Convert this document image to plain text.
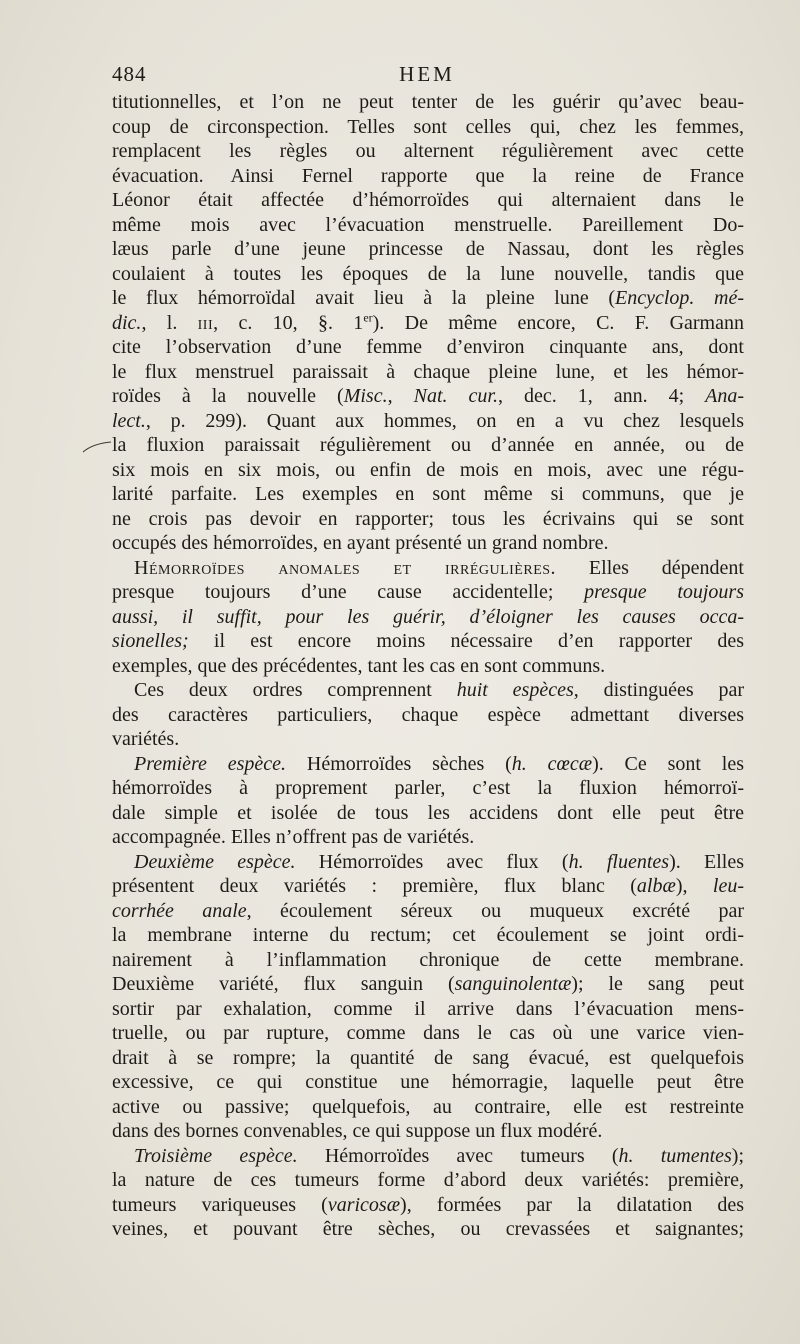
484	HEM
titutionnelles, et l’on ne peut tenter de les guérir qu’avec beau-
coup de circonspection. Telles sont celles qui, chez les femmes,
remplacent les règles ou alternent régulièrement avec cette
évacuation. Ainsi Fernel rapporte que la reine de France
Léonor était affectée d’hémorroïdes qui alternaient dans le
même mois avec l’évacuation menstruelle. Pareillement Do-
læus parle d’une jeune princesse de Nassau, dont les règles
coulaient à toutes les époques de la lune nouvelle, tandis que
le flux hémorroïdal avait lieu à la pleine lune (Encyclop. mé-
dic., l. iii, c. 10, §. 1er). De même encore, C. F. Garmann
cite l’observation d’une femme d’environ cinquante ans, dont
le flux menstruel paraissait à chaque pleine lune, et les hémor-
roïdes à la nouvelle (Misc., Nat. cur., dec. 1, ann. 4; Ana-
lect., p. 299). Quant aux hommes, on en a vu chez lesquels
la fluxion paraissait régulièrement ou d’année en année, ou de
six mois en six mois, ou enfin de mois en mois, avec une régu-
larité parfaite. Les exemples en sont même si communs, que je
ne crois pas devoir en rapporter; tous les écrivains qui se sont
occupés des hémorroïdes, en ayant présenté un grand nombre.
Hémorroïdes anomales et irrégulières. Elles dépendent
presque toujours d’une cause accidentelle; presque toujours
aussi, il suffit, pour les guérir, d’éloigner les causes occa-
sionelles; il est encore moins nécessaire d’en rapporter des
exemples, que des précédentes, tant les cas en sont communs.
Ces deux ordres comprennent huit espèces, distinguées par
des caractères particuliers, chaque espèce admettant diverses
variétés.
Première espèce. Hémorroïdes sèches (h. cœcæ). Ce sont les
hémorroïdes à proprement parler, c’est la fluxion hémorroï-
dale simple et isolée de tous les accidens dont elle peut être
accompagnée. Elles n’offrent pas de variétés.
Deuxième espèce. Hémorroïdes avec flux (h. fluentes). Elles
présentent deux variétés : première, flux blanc (albæ), leu-
corrhée anale, écoulement séreux ou muqueux excrété par
la membrane interne du rectum; cet écoulement se joint ordi-
nairement à l’inflammation chronique de cette membrane.
Deuxième variété, flux sanguin (sanguinolentæ); le sang peut
sortir par exhalation, comme il arrive dans l’évacuation mens-
truelle, ou par rupture, comme dans le cas où une varice vien-
drait à se rompre; la quantité de sang évacué, est quelquefois
excessive, ce qui constitue une hémorragie, laquelle peut être
active ou passive; quelquefois, au contraire, elle est restreinte
dans des bornes convenables, ce qui suppose un flux modéré.
Troisième espèce. Hémorroïdes avec tumeurs (h. tumentes);
la nature de ces tumeurs forme d’abord deux variétés: première,
tumeurs variqueuses (varicosæ), formées par la dilatation des
veines, et pouvant être sèches, ou crevassées et saignantes;
